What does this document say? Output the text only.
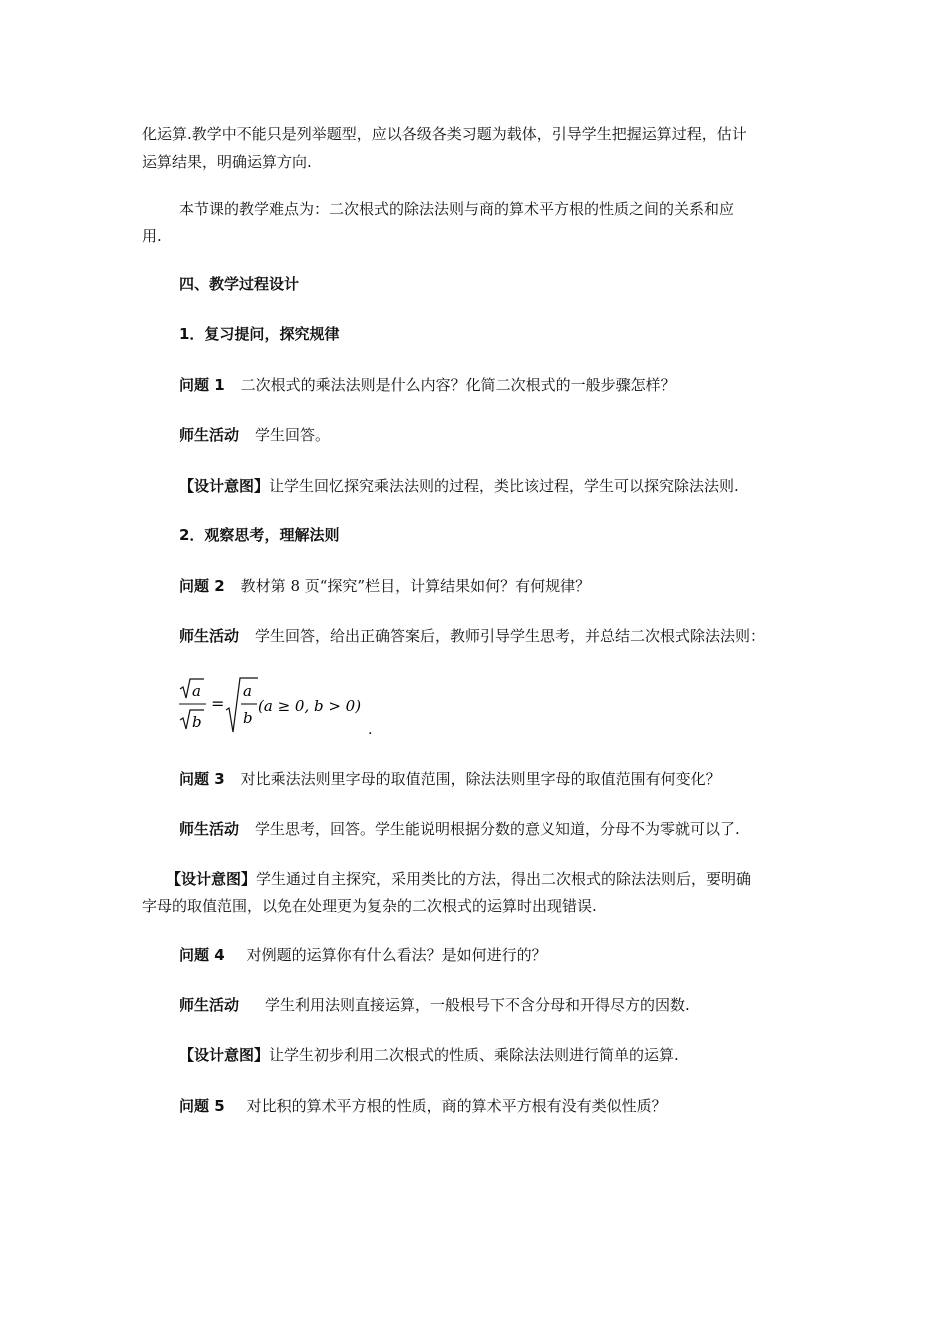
化运算.教学中不能只是列举题型，应以各级各类习题为载体，引导学生把握运算过程，估计
运算结果，明确运算方向.
本节课的教学难点为：二次根式的除法法则与商的算术平方根的性质之间的关系和应
用.
四、教学过程设计
1．复习提问，探究规律
问题 1 二次根式的乘法法则是什么内容？化简二次根式的一般步骤怎样？
师生活动 学生回答。
【设计意图】让学生回忆探究乘法法则的过程，类比该过程，学生可以探究除法法则.
2．观察思考，理解法则
问题 2 教材第 8 页“探究”栏目，计算结果如何？有何规律？
师生活动 学生回答，给出正确答案后，教师引导学生思考，并总结二次根式除法法则：
a
b
=
a
b
(a ≥ 0, b > 0)
.
问题 3 对比乘法法则里字母的取值范围，除法法则里字母的取值范围有何变化？
师生活动 学生思考，回答。学生能说明根据分数的意义知道，分母不为零就可以了.
【设计意图】学生通过自主探究，采用类比的方法，得出二次根式的除法法则后，要明确
字母的取值范围，以免在处理更为复杂的二次根式的运算时出现错误.
问题 4 对例题的运算你有什么看法？是如何进行的？
师生活动 学生利用法则直接运算，一般根号下不含分母和开得尽方的因数.
【设计意图】让学生初步利用二次根式的性质、乘除法法则进行简单的运算.
问题 5 对比积的算术平方根的性质，商的算术平方根有没有类似性质？
